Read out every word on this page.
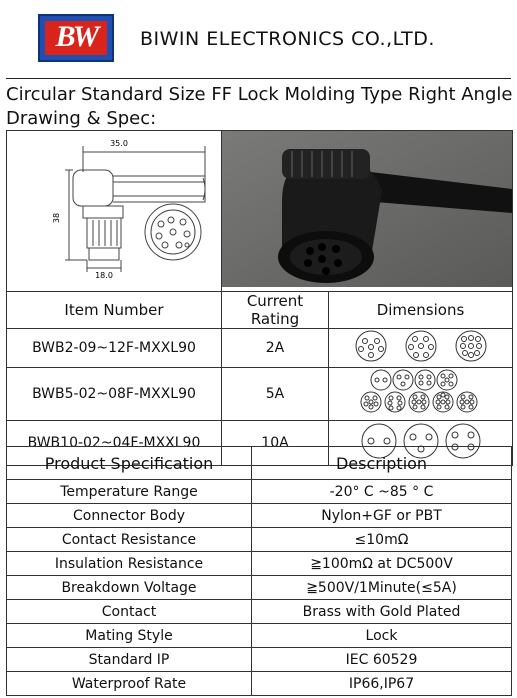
BW	BIWIN ELECTRONICS CO.,LTD.
Circular Standard Size FF Lock Molding Type Right Angle
Drawing & Spec:
35.0
38
18.0

Item Number	Current Rating	Dimensions
BWB2-09~12F-MXXL90	2A	
BWB5-02~08F-MXXL90	5A	
BWB10-02~04F-MXXL90	10A	
Product Specification	Description
Temperature Range	-20° C ~85 ° C
Connector Body	Nylon+GF or PBT
Contact Resistance	≤10mΩ
Insulation Resistance	≧100mΩ at DC500V
Breakdown Voltage	≧500V/1Minute(≤5A)
Contact	Brass with Gold Plated
Mating Style	Lock
Standard IP	IEC 60529
Waterproof Rate	IP66,IP67
